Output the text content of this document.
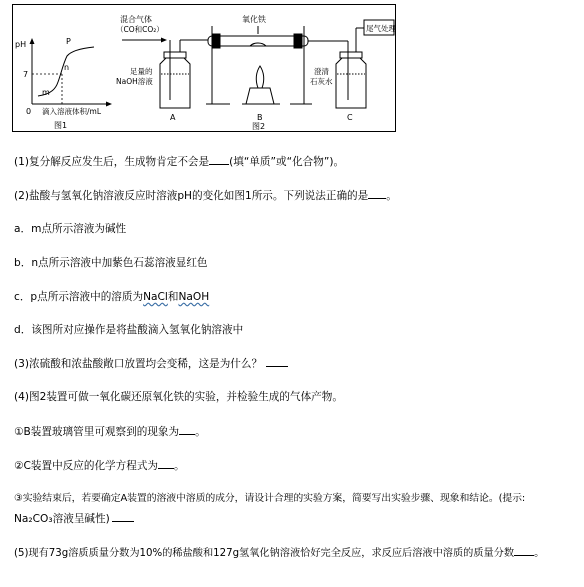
pH
7
0 滴入溶液体积/mL
P
n
m
图1
混合气体
（CO和CO₂）
氧化铁
尾气处理
足量的
NaOH溶液
澄清
石灰水
A	B	C
图2
(1)复分解反应发生后，生成物肯定不会是 (填“单质”或“化合物”)。
(2)盐酸与氢氧化钠溶液反应时溶液pH的变化如图1所示。下列说法正确的是 。
a．m点所示溶液为碱性
b．n点所示溶液中加紫色石蕊溶液显红色
c．p点所示溶液中的溶质为NaCl和NaOH
d．该图所对应操作是将盐酸滴入氢氧化钠溶液中
(3)浓硫酸和浓盐酸敞口放置均会变稀，这是为什么？
(4)图2装置可做一氧化碳还原氧化铁的实验，并检验生成的气体产物。
①B装置玻璃管里可观察到的现象为 。
②C装置中反应的化学方程式为 。
③实验结束后，若要确定A装置的溶液中溶质的成分，请设计合理的实验方案，简要写出实验步骤、现象和结论。(提示:
Na₂CO₃溶液呈碱性)
(5)现有73g溶质质量分数为10%的稀盐酸和127g氢氧化钠溶液恰好完全反应，求反应后溶液中溶质的质量分数 。
